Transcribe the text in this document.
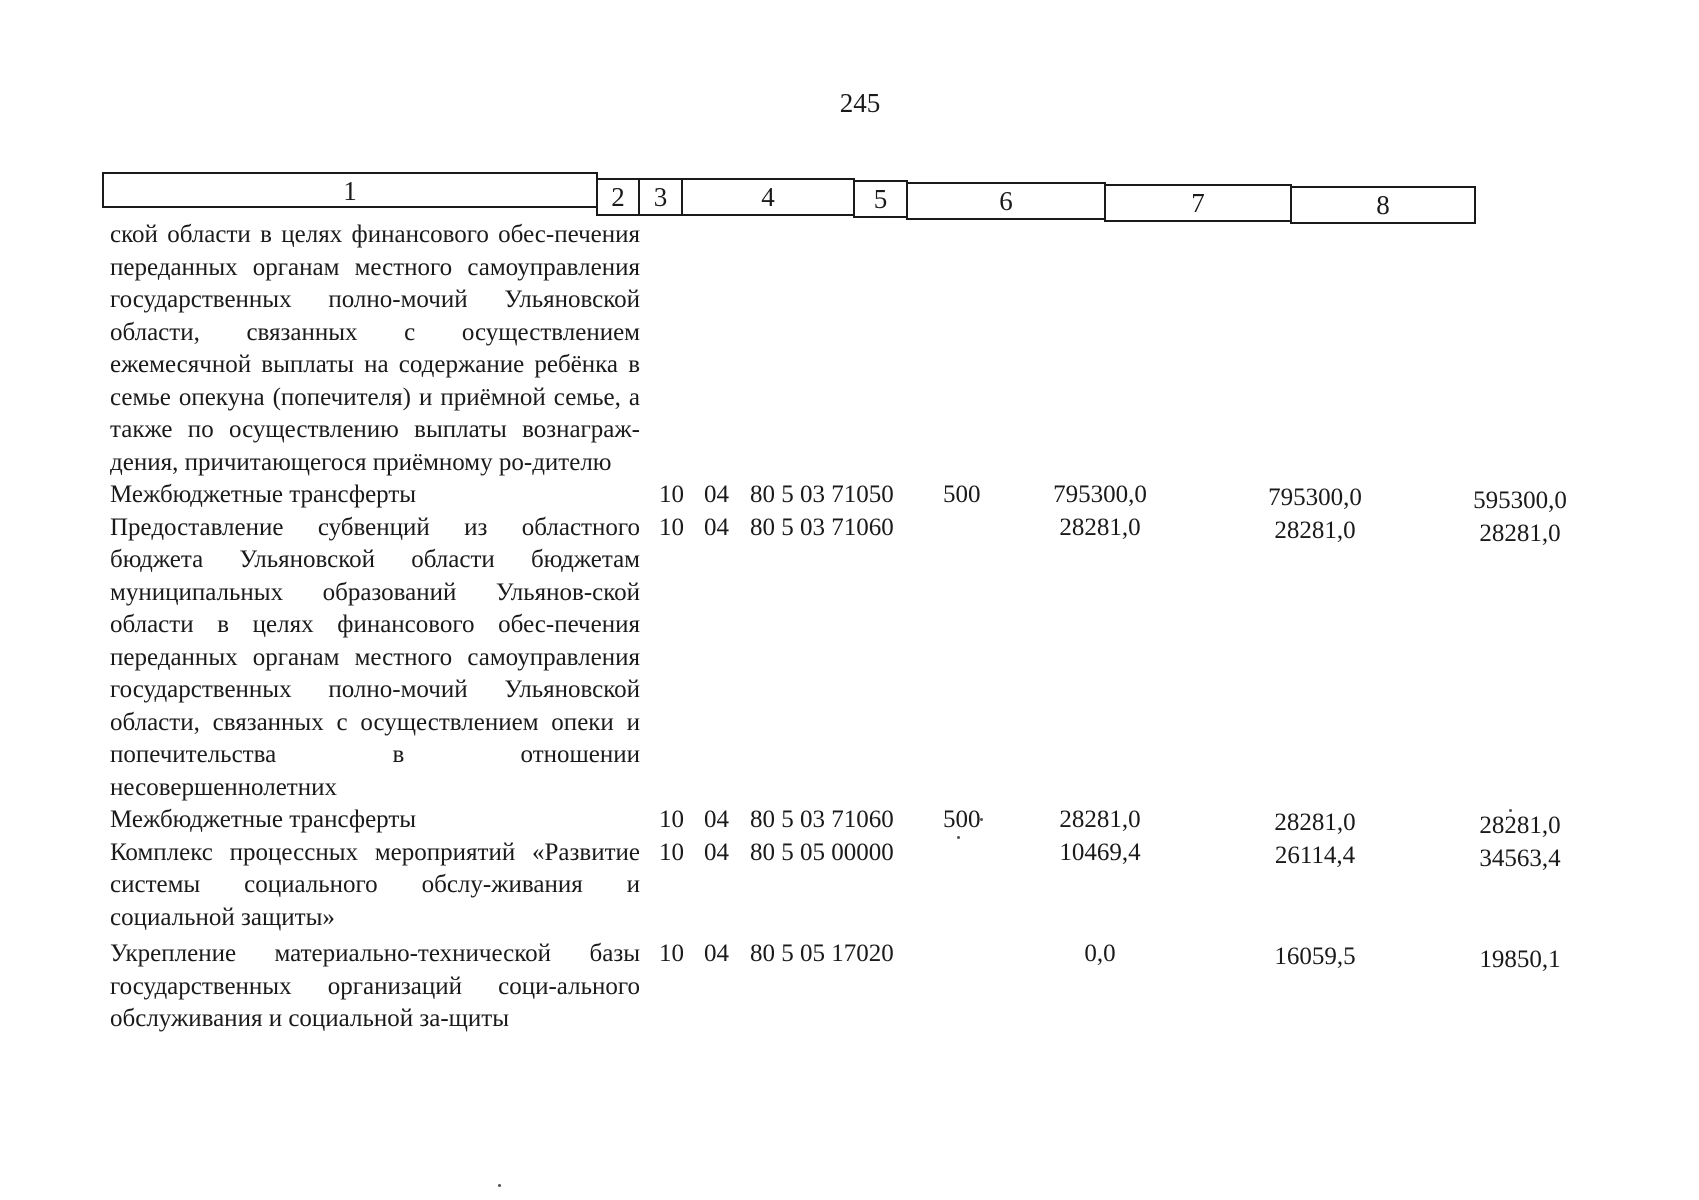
245
1	2	3	4	5	6	7	8
ской области в целях финансового обес-печения переданных органам местного самоуправления государственных полно-мочий Ульяновской области, связанных с осуществлением ежемесячной выплаты на содержание ребёнка в семье опекуна (попечителя) и приёмной семье, а также по осуществлению выплаты вознаграж-дения, причитающегося приёмному ро-дителю
Межбюджетные трансферты	10 04 80 5 03 71050 500	795300,0	795300,0	595300,0
Предоставление субвенций из областного бюджета Ульяновской области бюджетам муниципальных образований Ульянов-ской области в целях финансового обес-печения переданных органам местного самоуправления государственных полно-мочий Ульяновской области, связанных с осуществлением опеки и попечительства в отношении несовершеннолетних
10 04 80 5 03 71060	28281,0	28281,0	28281,0
Межбюджетные трансферты	10 04 80 5 03 71060 500	28281,0	28281,0	28281,0
Комплекс процессных мероприятий «Развитие системы социального обслу-живания и социальной защиты»
10 04 80 5 05 00000	10469,4	26114,4	34563,4
Укрепление материально-технической базы государственных организаций соци-ального обслуживания и социальной за-щиты
10 04 80 5 05 17020	0,0	16059,5	19850,1
